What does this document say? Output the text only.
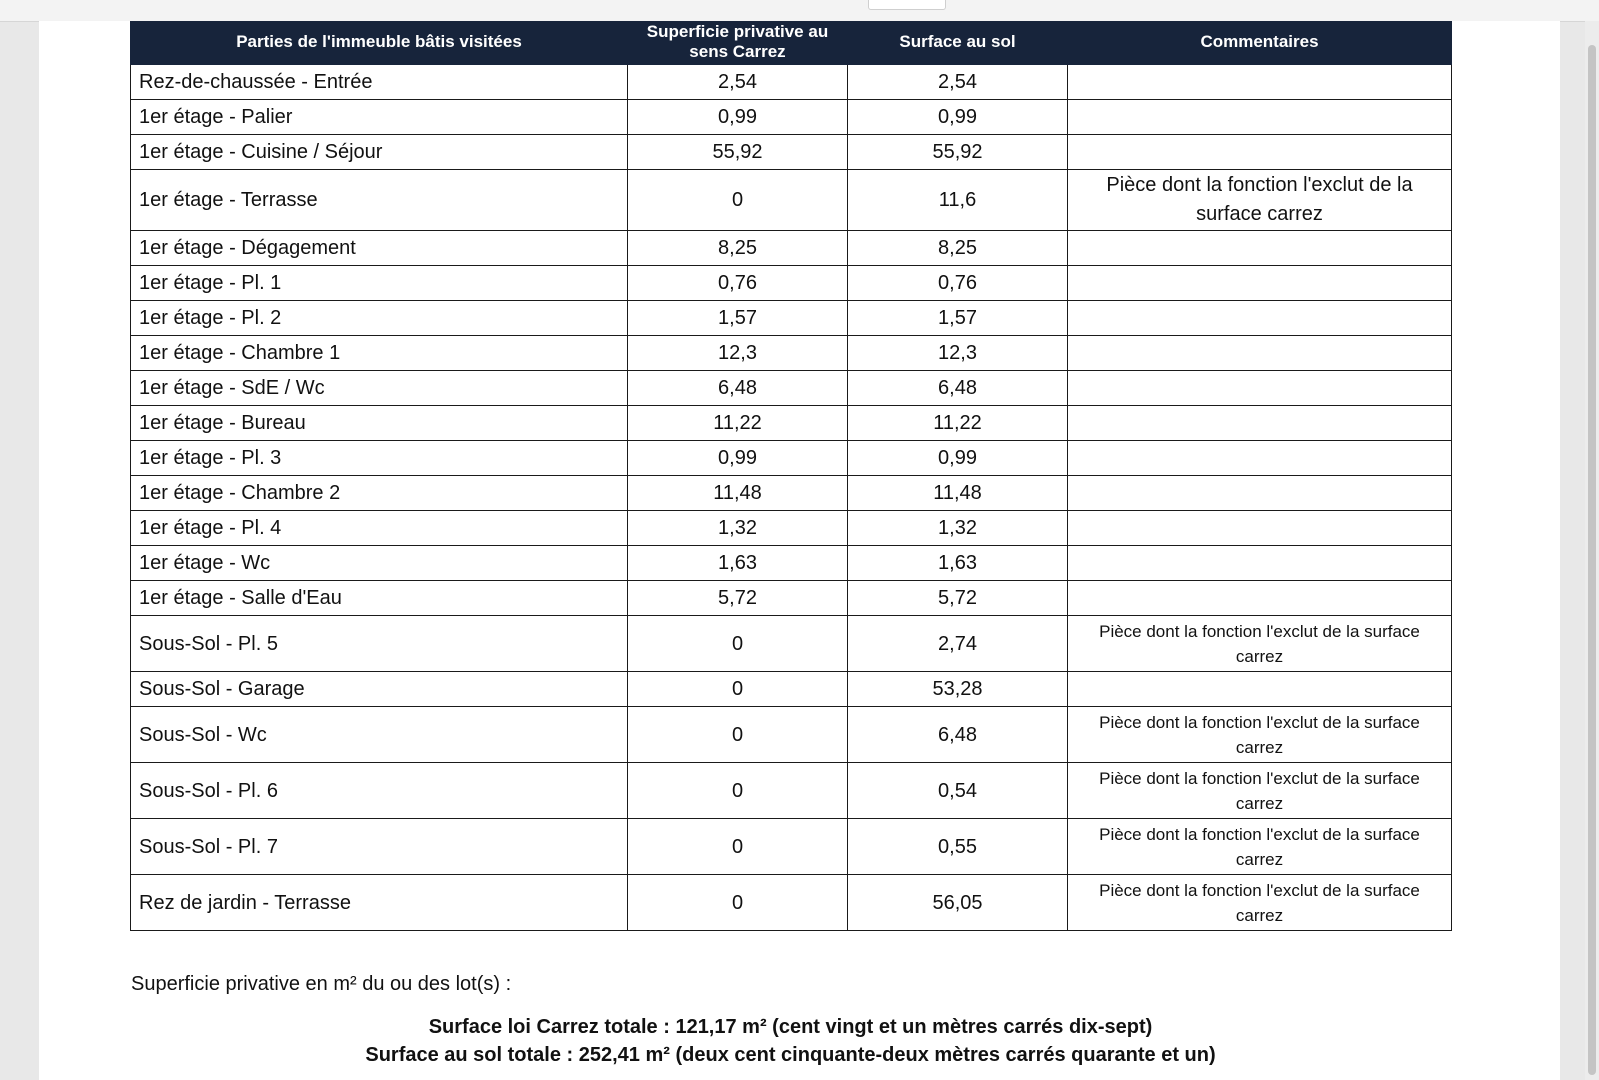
Parties de l'immeuble bâtis visitées	Superficie privative au sens Carrez	Surface au sol	Commentaires
Rez-de-chaussée - Entrée	2,54	2,54	
1er étage - Palier	0,99	0,99	
1er étage - Cuisine / Séjour	55,92	55,92	
1er étage - Terrasse	0	11,6	Pièce dont la fonction l'exclut de la surface carrez
1er étage - Dégagement	8,25	8,25	
1er étage - Pl. 1	0,76	0,76	
1er étage - Pl. 2	1,57	1,57	
1er étage - Chambre 1	12,3	12,3	
1er étage - SdE / Wc	6,48	6,48	
1er étage - Bureau	11,22	11,22	
1er étage - Pl. 3	0,99	0,99	
1er étage - Chambre 2	11,48	11,48	
1er étage - Pl. 4	1,32	1,32	
1er étage - Wc	1,63	1,63	
1er étage - Salle d'Eau	5,72	5,72	
Sous-Sol - Pl. 5	0	2,74	Pièce dont la fonction l'exclut de la surface carrez
Sous-Sol - Garage	0	53,28	
Sous-Sol - Wc	0	6,48	Pièce dont la fonction l'exclut de la surface carrez
Sous-Sol - Pl. 6	0	0,54	Pièce dont la fonction l'exclut de la surface carrez
Sous-Sol - Pl. 7	0	0,55	Pièce dont la fonction l'exclut de la surface carrez
Rez de jardin - Terrasse	0	56,05	Pièce dont la fonction l'exclut de la surface carrez
Superficie privative en m² du ou des lot(s) :
Surface loi Carrez totale : 121,17 m² (cent vingt et un mètres carrés dix-sept)
Surface au sol totale : 252,41 m² (deux cent cinquante-deux mètres carrés quarante et un)
